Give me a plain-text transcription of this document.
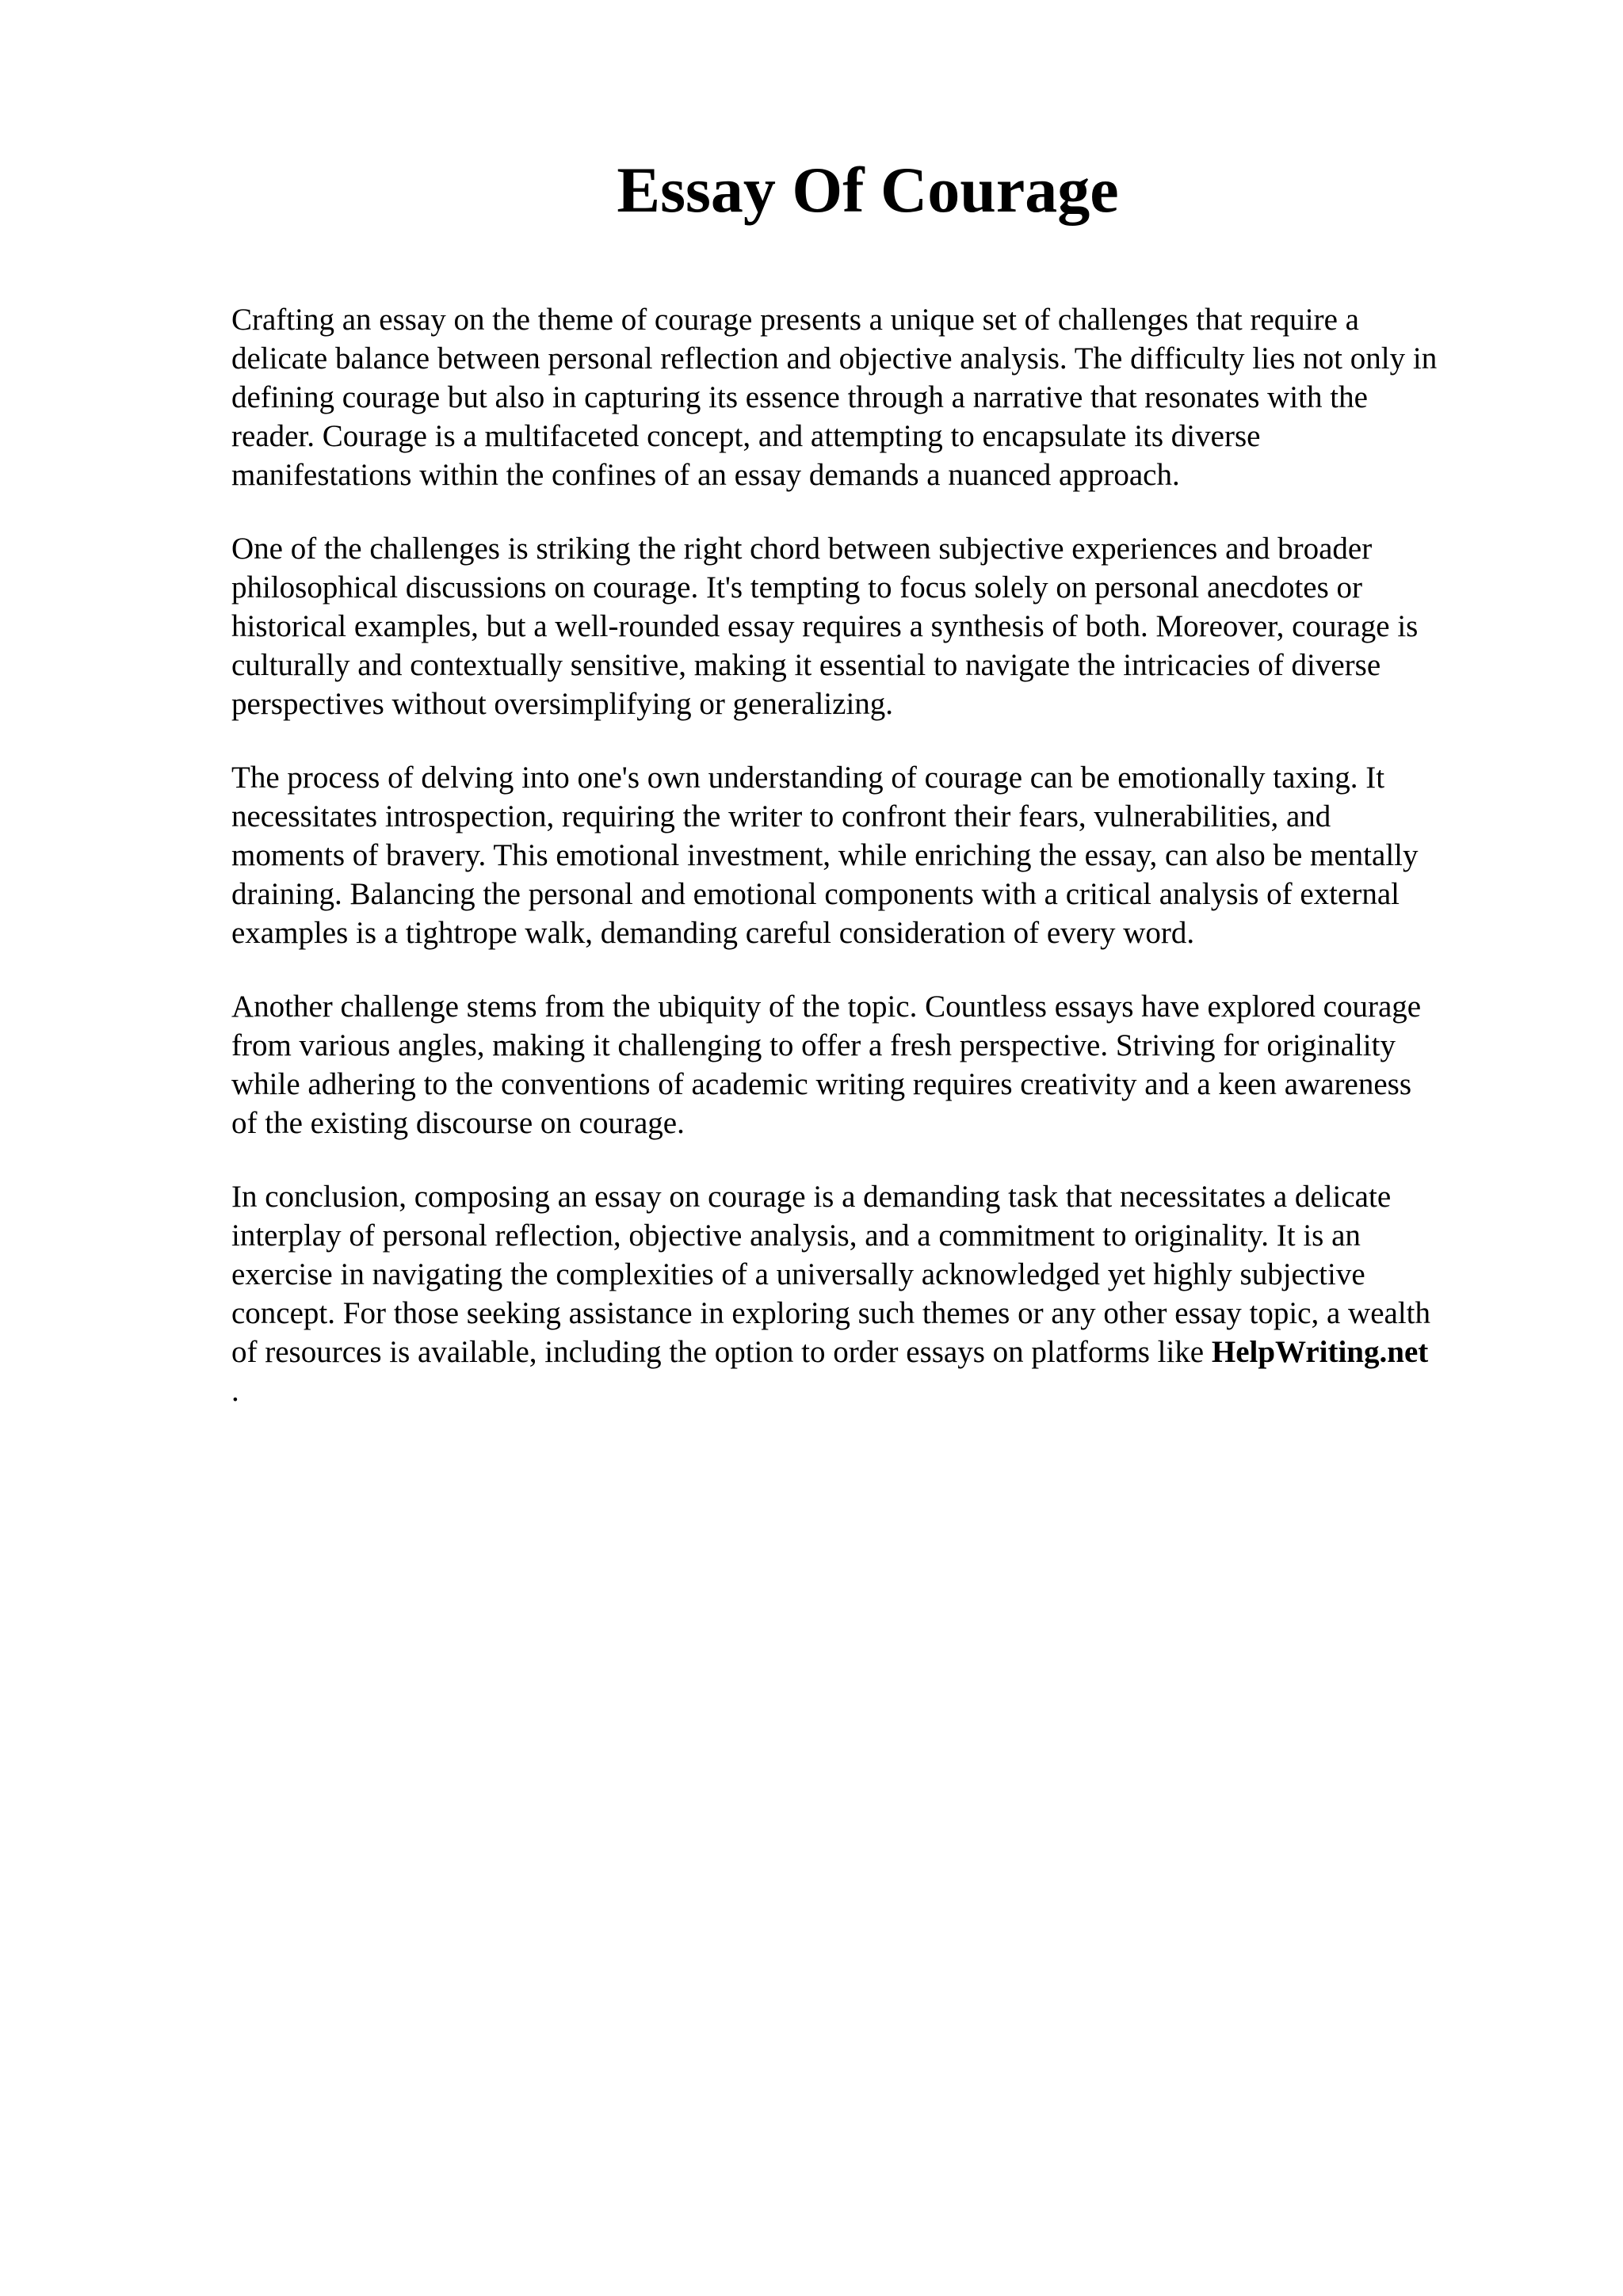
Essay Of Courage

Crafting an essay on the theme of courage presents a unique set of challenges that require a
delicate balance between personal reflection and objective analysis. The difficulty lies not only in
defining courage but also in capturing its essence through a narrative that resonates with the
reader. Courage is a multifaceted concept, and attempting to encapsulate its diverse
manifestations within the confines of an essay demands a nuanced approach.

One of the challenges is striking the right chord between subjective experiences and broader
philosophical discussions on courage. It's tempting to focus solely on personal anecdotes or
historical examples, but a well-rounded essay requires a synthesis of both. Moreover, courage is
culturally and contextually sensitive, making it essential to navigate the intricacies of diverse
perspectives without oversimplifying or generalizing.

The process of delving into one's own understanding of courage can be emotionally taxing. It
necessitates introspection, requiring the writer to confront their fears, vulnerabilities, and
moments of bravery. This emotional investment, while enriching the essay, can also be mentally
draining. Balancing the personal and emotional components with a critical analysis of external
examples is a tightrope walk, demanding careful consideration of every word.

Another challenge stems from the ubiquity of the topic. Countless essays have explored courage
from various angles, making it challenging to offer a fresh perspective. Striving for originality
while adhering to the conventions of academic writing requires creativity and a keen awareness
of the existing discourse on courage.

In conclusion, composing an essay on courage is a demanding task that necessitates a delicate
interplay of personal reflection, objective analysis, and a commitment to originality. It is an
exercise in navigating the complexities of a universally acknowledged yet highly subjective
concept. For those seeking assistance in exploring such themes or any other essay topic, a wealth
of resources is available, including the option to order essays on platforms like HelpWriting.net
.
